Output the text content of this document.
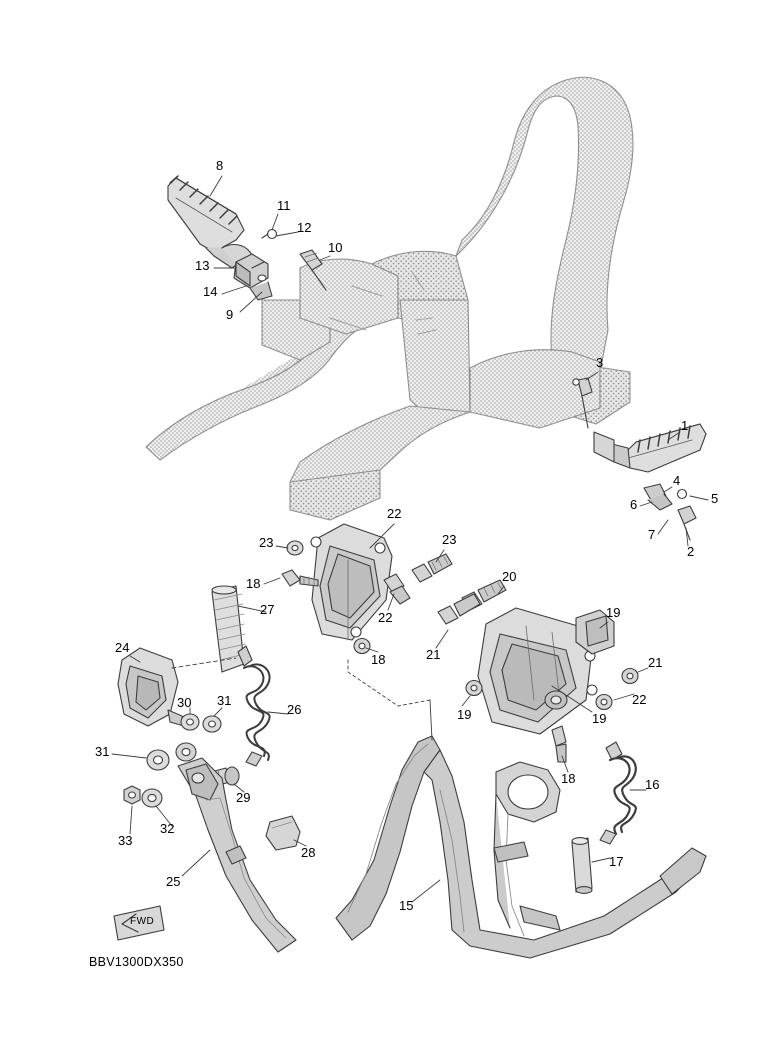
8
11
12
10
13
14
9
3
1
4
5
6
7
2
22
23	23
18	20
27
22	19
24	21
18	21
22
30 31
26	19	19
31
18	16
29
32
33
28
17
25
15
FWD
BBV1300DX350
